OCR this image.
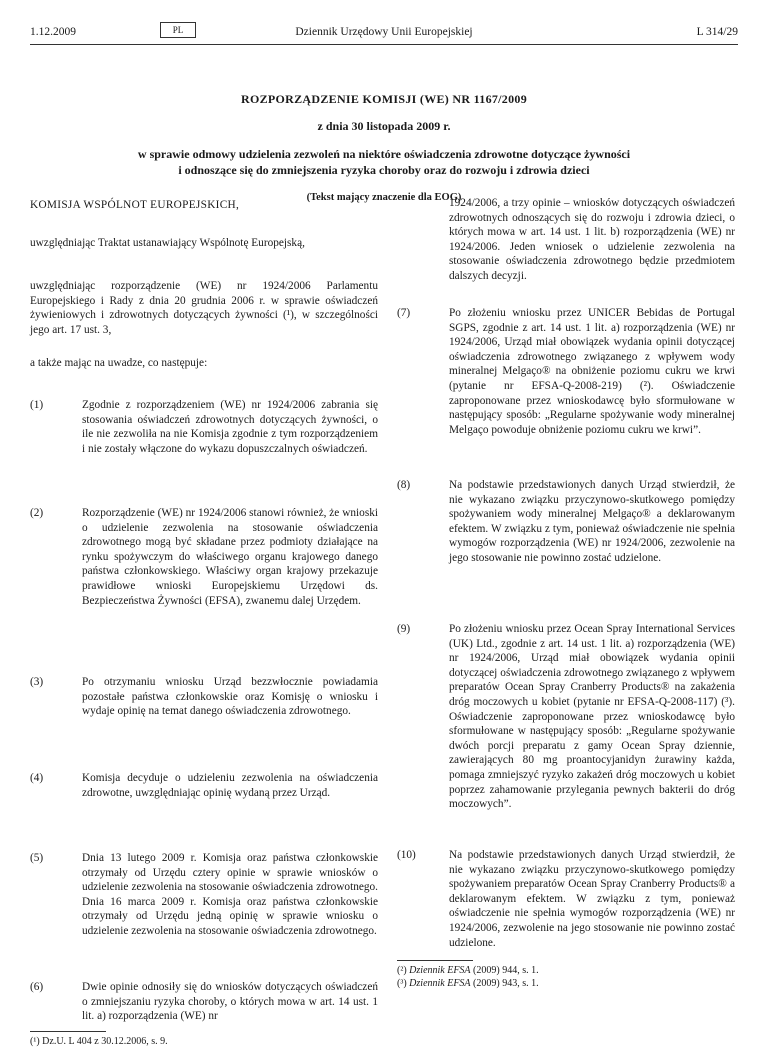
1.12.2009	PL	Dziennik Urzędowy Unii Europejskiej	L 314/29

ROZPORZĄDZENIE KOMISJI (WE) NR 1167/2009

z dnia 30 listopada 2009 r.

w sprawie odmowy udzielenia zezwoleń na niektóre oświadczenia zdrowotne dotyczące żywności
i odnoszące się do zmniejszenia ryzyka choroby oraz do rozwoju i zdrowia dzieci

(Tekst mający znaczenie dla EOG)

KOMISJA WSPÓLNOT EUROPEJSKICH,

uwzględniając Traktat ustanawiający Wspólnotę Europejską,

uwzględniając rozporządzenie (WE) nr 1924/2006 Parlamentu Europejskiego i Rady z dnia 20 grudnia 2006 r. w sprawie oświadczeń żywieniowych i zdrowotnych dotyczących żywności (¹), w szczególności jego art. 17 ust. 3,

a także mając na uwadze, co następuje:

(1)	Zgodnie z rozporządzeniem (WE) nr 1924/2006 zabrania się stosowania oświadczeń zdrowotnych dotyczących żywności, o ile nie zezwoliła na nie Komisja zgodnie z tym rozporządzeniem i nie zostały włączone do wykazu dopuszczalnych oświadczeń.

(2)	Rozporządzenie (WE) nr 1924/2006 stanowi również, że wnioski o udzielenie zezwolenia na stosowanie oświadczenia zdrowotnego mogą być składane przez podmioty działające na rynku spożywczym do właściwego organu krajowego danego państwa członkowskiego. Właściwy organ krajowy przekazuje prawidłowe wnioski Europejskiemu Urzędowi ds. Bezpieczeństwa Żywności (EFSA), zwanemu dalej Urzędem.

(3)	Po otrzymaniu wniosku Urząd bezzwłocznie powiadamia pozostałe państwa członkowskie oraz Komisję o wniosku i wydaje opinię na temat danego oświadczenia zdrowotnego.

(4)	Komisja decyduje o udzieleniu zezwolenia na oświadczenia zdrowotne, uwzględniając opinię wydaną przez Urząd.

(5)	Dnia 13 lutego 2009 r. Komisja oraz państwa członkowskie otrzymały od Urzędu cztery opinie w sprawie wniosków o udzielenie zezwolenia na stosowanie oświadczenia zdrowotnego. Dnia 16 marca 2009 r. Komisja oraz państwa członkowskie otrzymały od Urzędu jedną opinię w sprawie wniosku o udzielenie zezwolenia na stosowanie oświadczenia zdrowotnego.

(6)	Dwie opinie odnosiły się do wniosków dotyczących oświadczeń o zmniejszaniu ryzyka choroby, o których mowa w art. 14 ust. 1 lit. a) rozporządzenia (WE) nr

(¹) Dz.U. L 404 z 30.12.2006, s. 9.

1924/2006, a trzy opinie – wniosków dotyczących oświadczeń zdrowotnych odnoszących się do rozwoju i zdrowia dzieci, o których mowa w art. 14 ust. 1 lit. b) rozporządzenia (WE) nr 1924/2006. Jeden wniosek o udzielenie zezwolenia na stosowanie oświadczenia zdrowotnego będzie przedmiotem dalszych decyzji.

(7)	Po złożeniu wniosku przez UNICER Bebidas de Portugal SGPS, zgodnie z art. 14 ust. 1 lit. a) rozporządzenia (WE) nr 1924/2006, Urząd miał obowiązek wydania opinii dotyczącej oświadczenia zdrowotnego związanego z wpływem wody mineralnej Melgaço® na obniżenie poziomu cukru we krwi (pytanie nr EFSA-Q-2008-219) (²). Oświadczenie zaproponowane przez wnioskodawcę było sformułowane w następujący sposób: „Regularne spożywanie wody mineralnej Melgaço powoduje obniżenie poziomu cukru we krwi”.

(8)	Na podstawie przedstawionych danych Urząd stwierdził, że nie wykazano związku przyczynowo-skutkowego pomiędzy spożywaniem wody mineralnej Melgaço® a deklarowanym efektem. W związku z tym, ponieważ oświadczenie nie spełnia wymogów rozporządzenia (WE) nr 1924/2006, zezwolenie na jego stosowanie nie powinno zostać udzielone.

(9)	Po złożeniu wniosku przez Ocean Spray International Services (UK) Ltd., zgodnie z art. 14 ust. 1 lit. a) rozporządzenia (WE) nr 1924/2006, Urząd miał obowiązek wydania opinii dotyczącej oświadczenia zdrowotnego związanego z wpływem preparatów Ocean Spray Cranberry Products® na zakażenia dróg moczowych u kobiet (pytanie nr EFSA-Q-2008-117) (³). Oświadczenie zaproponowane przez wnioskodawcę było sformułowane w następujący sposób: „Regularne spożywanie dwóch porcji preparatu z gamy Ocean Spray dziennie, zawierających 80 mg proantocyjanidyn żurawiny każda, pomaga zmniejszyć ryzyko zakażeń dróg moczowych u kobiet poprzez zahamowanie przylegania pewnych bakterii do dróg moczowych”.

(10)	Na podstawie przedstawionych danych Urząd stwierdził, że nie wykazano związku przyczynowo-skutkowego pomiędzy spożywaniem preparatów Ocean Spray Cranberry Products® a deklarowanym efektem. W związku z tym, ponieważ oświadczenie nie spełnia wymogów rozporządzenia (WE) nr 1924/2006, zezwolenie na jego stosowanie nie powinno zostać udzielone.

(²) Dziennik EFSA (2009) 944, s. 1.
(³) Dziennik EFSA (2009) 943, s. 1.
